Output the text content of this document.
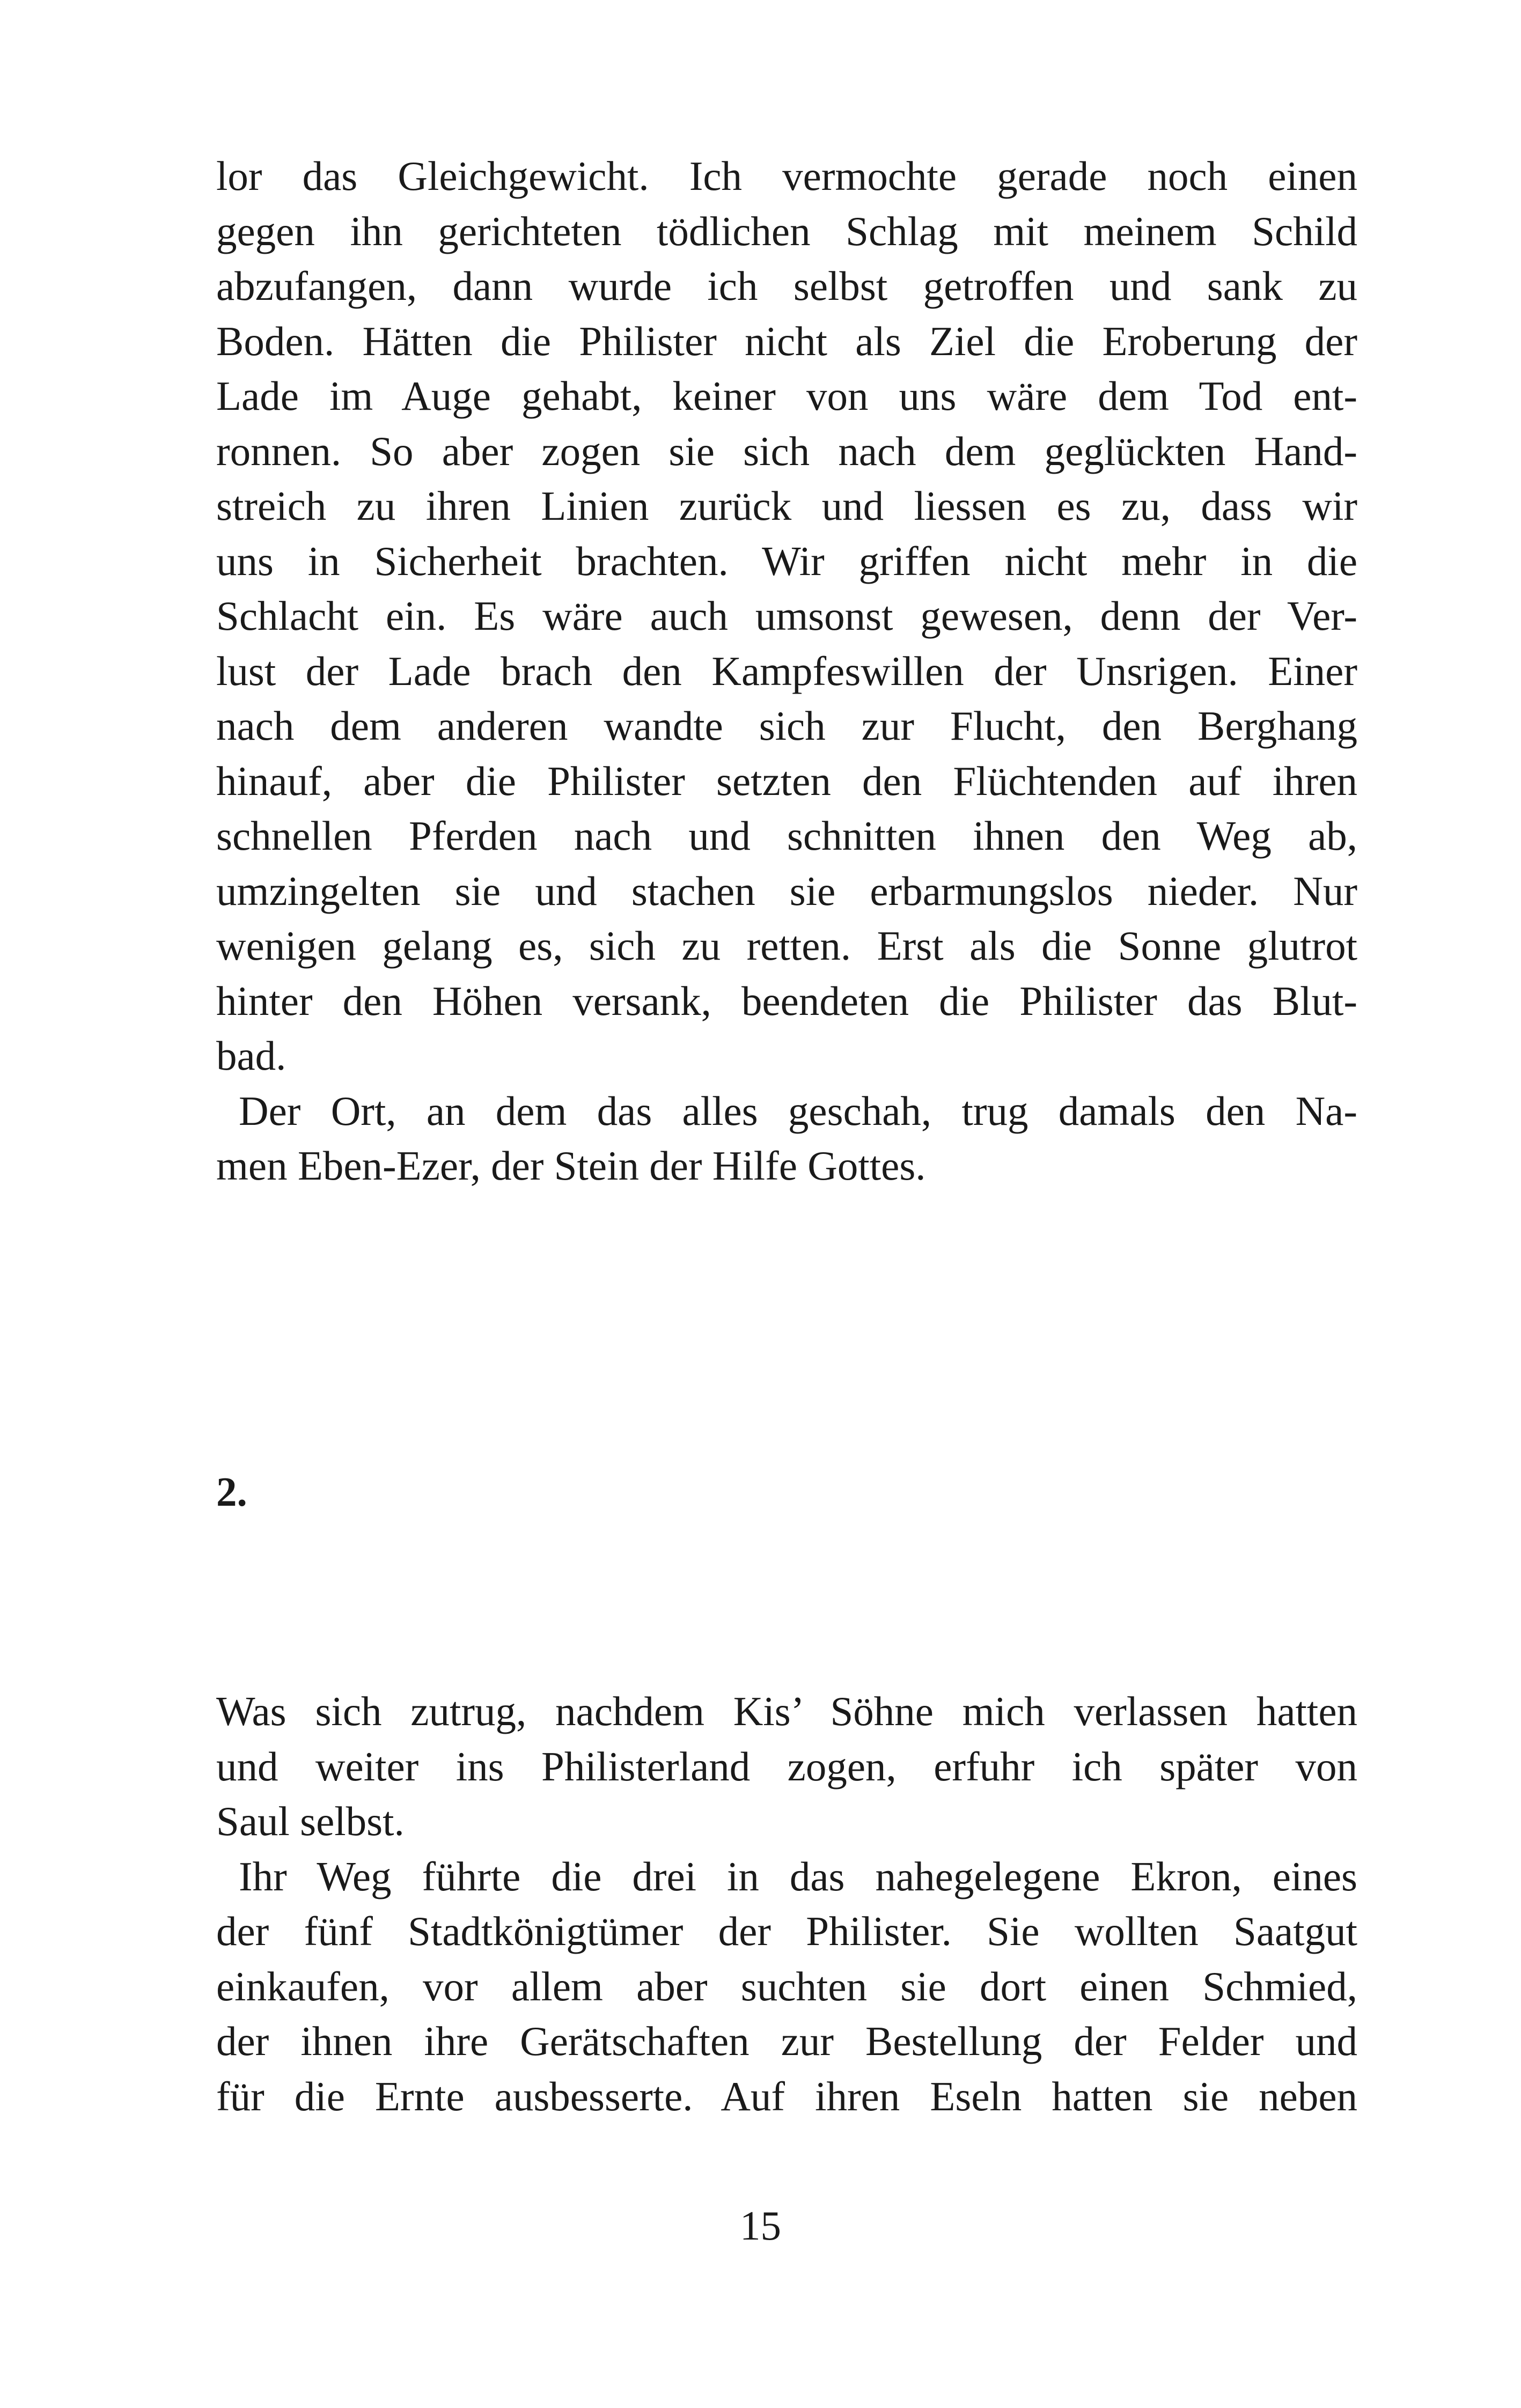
lor das Gleichgewicht. Ich vermochte gerade noch einen
gegen ihn gerichteten tödlichen Schlag mit meinem Schild
abzufangen, dann wurde ich selbst getroffen und sank zu
Boden. Hätten die Philister nicht als Ziel die Eroberung der
Lade im Auge gehabt, keiner von uns wäre dem Tod ent-
ronnen. So aber zogen sie sich nach dem geglückten Hand-
streich zu ihren Linien zurück und liessen es zu, dass wir
uns in Sicherheit brachten. Wir griffen nicht mehr in die
Schlacht ein. Es wäre auch umsonst gewesen, denn der Ver-
lust der Lade brach den Kampfeswillen der Unsrigen. Einer
nach dem anderen wandte sich zur Flucht, den Berghang
hinauf, aber die Philister setzten den Flüchtenden auf ihren
schnellen Pferden nach und schnitten ihnen den Weg ab,
umzingelten sie und stachen sie erbarmungslos nieder. Nur
wenigen gelang es, sich zu retten. Erst als die Sonne glutrot
hinter den Höhen versank, beendeten die Philister das Blut-
bad.

Der Ort, an dem das alles geschah, trug damals den Na-
men Eben-Ezer, der Stein der Hilfe Gottes.

2.

Was sich zutrug, nachdem Kis’ Söhne mich verlassen hatten
und weiter ins Philisterland zogen, erfuhr ich später von
Saul selbst.

Ihr Weg führte die drei in das nahegelegene Ekron, eines
der fünf Stadtkönigtümer der Philister. Sie wollten Saatgut
einkaufen, vor allem aber suchten sie dort einen Schmied,
der ihnen ihre Gerätschaften zur Bestellung der Felder und
für die Ernte ausbesserte. Auf ihren Eseln hatten sie neben

15
